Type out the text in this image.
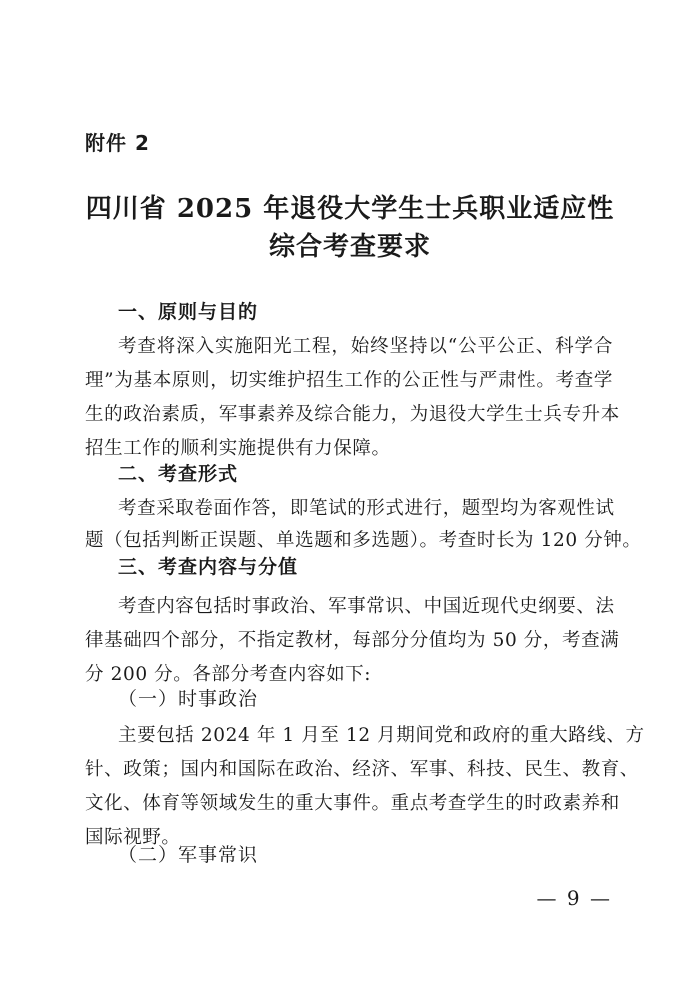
附件 2
四川省 2025 年退役大学生士兵职业适应性
综合考查要求
一、原则与目的
考查将深入实施阳光工程，始终坚持以“公平公正、科学合
理”为基本原则，切实维护招生工作的公正性与严肃性。考查学
生的政治素质，军事素养及综合能力，为退役大学生士兵专升本
招生工作的顺利实施提供有力保障。
二、考查形式
考查采取卷面作答，即笔试的形式进行，题型均为客观性试
题（包括判断正误题、单选题和多选题）。考查时长为 120 分钟。
三、考查内容与分值
考查内容包括时事政治、军事常识、中国近现代史纲要、法
律基础四个部分，不指定教材，每部分分值均为 50 分，考查满
分 200 分。各部分考查内容如下:
（一）时事政治
主要包括 2024 年 1 月至 12 月期间党和政府的重大路线、方
针、政策；国内和国际在政治、经济、军事、科技、民生、教育、
文化、体育等领域发生的重大事件。重点考查学生的时政素养和
国际视野。
（二）军事常识
— 9 —
